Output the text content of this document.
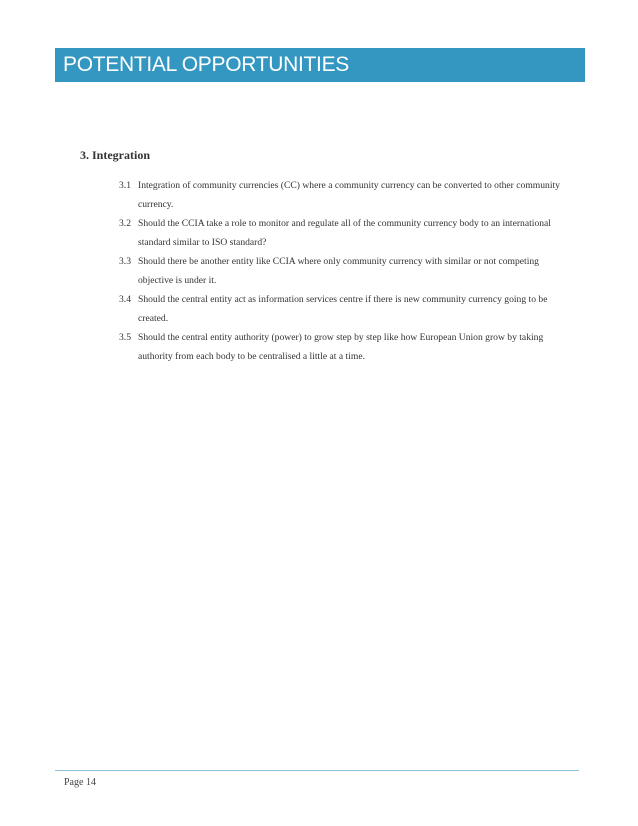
POTENTIAL OPPORTUNITIES
3. Integration
3.1 Integration of community currencies (CC) where a community currency can be converted to other community currency.
3.2 Should the CCIA take a role to monitor and regulate all of the community currency body to an international standard similar to ISO standard?
3.3 Should there be another entity like CCIA where only community currency with similar or not competing objective is under it.
3.4 Should the central entity act as information services centre if there is new community currency going to be created.
3.5 Should the central entity authority (power) to grow step by step like how European Union grow by taking authority from each body to be centralised a little at a time.
Page 14
